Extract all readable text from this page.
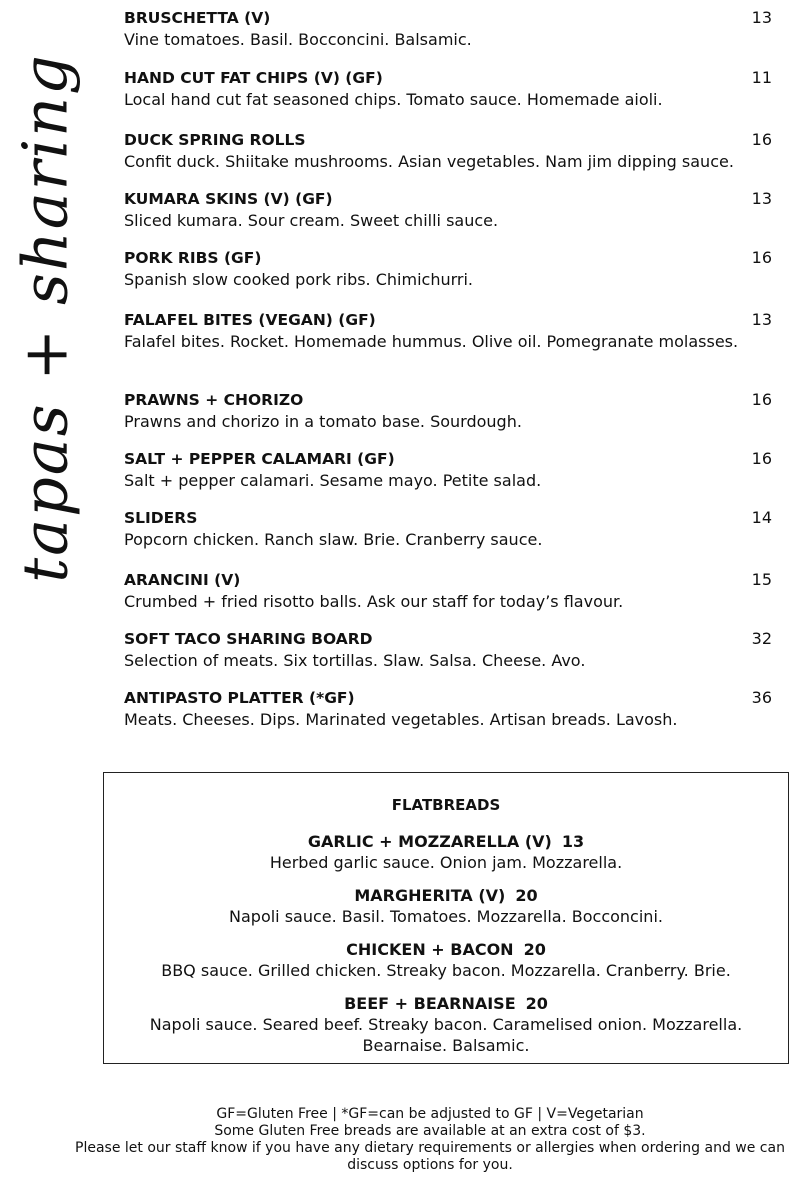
tapas + sharing
BRUSCHETTA (V)	13
Vine tomatoes. Basil. Bocconcini. Balsamic.
HAND CUT FAT CHIPS (V) (GF)	11
Local hand cut fat seasoned chips. Tomato sauce. Homemade aioli.
DUCK SPRING ROLLS	16
Confit duck. Shiitake mushrooms. Asian vegetables. Nam jim dipping sauce.
KUMARA SKINS (V) (GF)	13
Sliced kumara. Sour cream. Sweet chilli sauce.
PORK RIBS (GF)	16
Spanish slow cooked pork ribs. Chimichurri.
FALAFEL BITES (VEGAN) (GF)	13
Falafel bites. Rocket. Homemade hummus. Olive oil. Pomegranate molasses.
PRAWNS + CHORIZO	16
Prawns and chorizo in a tomato base. Sourdough.
SALT + PEPPER CALAMARI (GF)	16
Salt + pepper calamari. Sesame mayo. Petite salad.
SLIDERS	14
Popcorn chicken. Ranch slaw. Brie. Cranberry sauce.
ARANCINI (V)	15
Crumbed + fried risotto balls. Ask our staff for today’s flavour.
SOFT TACO SHARING BOARD	32
Selection of meats. Six tortillas. Slaw. Salsa. Cheese. Avo.
ANTIPASTO PLATTER (*GF)	36
Meats. Cheeses. Dips. Marinated vegetables. Artisan breads. Lavosh.
FLATBREADS
GARLIC + MOZZARELLA (V) 13
Herbed garlic sauce. Onion jam. Mozzarella.
MARGHERITA (V) 20
Napoli sauce. Basil. Tomatoes. Mozzarella. Bocconcini.
CHICKEN + BACON 20
BBQ sauce. Grilled chicken. Streaky bacon. Mozzarella. Cranberry. Brie.
BEEF + BEARNAISE 20
Napoli sauce. Seared beef. Streaky bacon. Caramelised onion. Mozzarella. Bearnaise. Balsamic.
GF=Gluten Free | *GF=can be adjusted to GF | V=Vegetarian
Some Gluten Free breads are available at an extra cost of $3.
Please let our staff know if you have any dietary requirements or allergies when ordering and we can discuss options for you.
